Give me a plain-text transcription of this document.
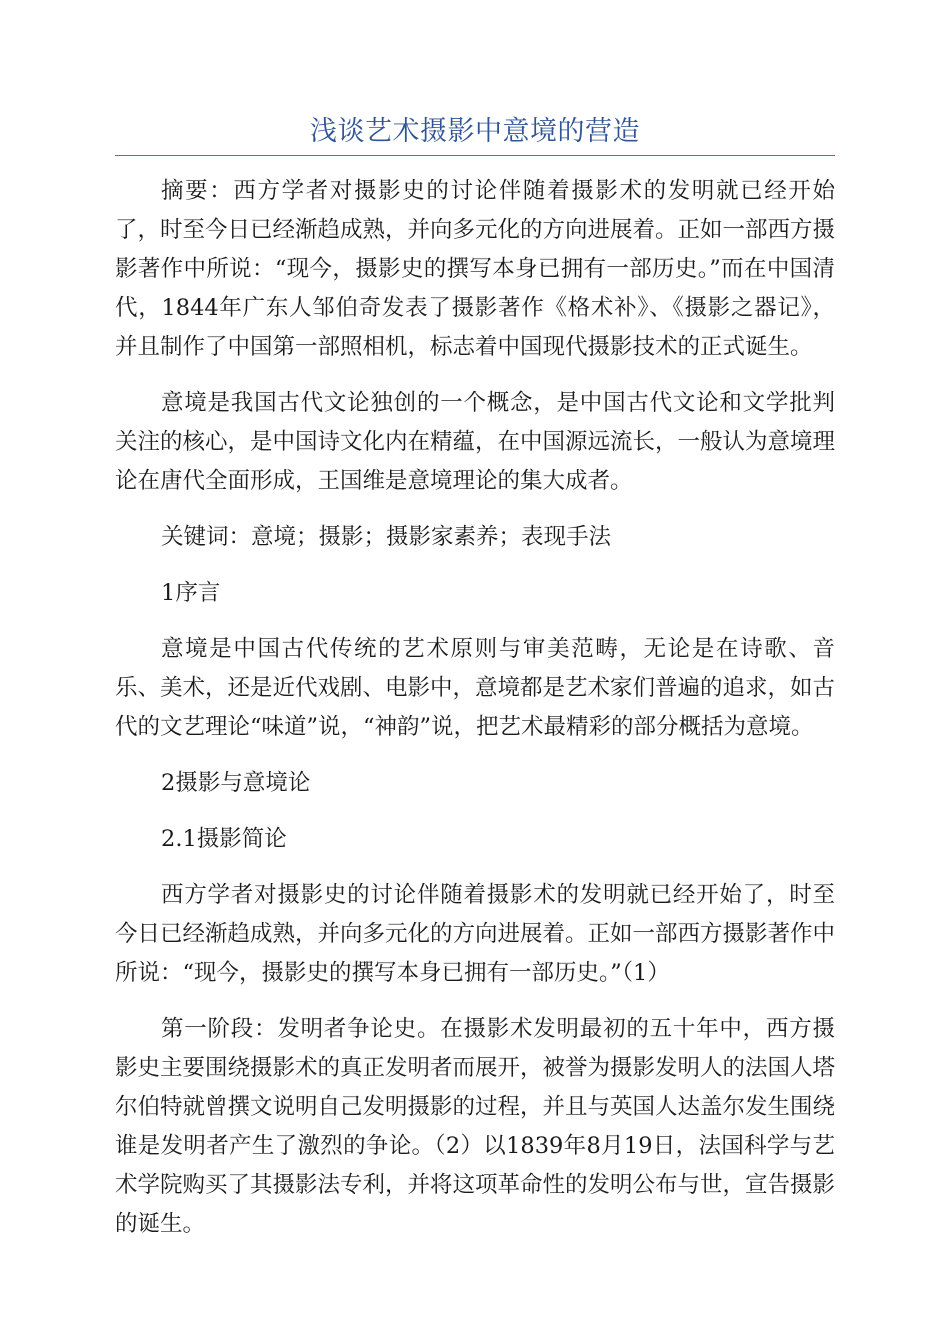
浅谈艺术摄影中意境的营造

摘要：西方学者对摄影史的讨论伴随着摄影术的发明就已经开始了，时至今日已经渐趋成熟，并向多元化的方向进展着。正如一部西方摄影著作中所说：“现今，摄影史的撰写本身已拥有一部历史。”而在中国清代，1844年广东人邹伯奇发表了摄影著作《格术补》、《摄影之器记》，并且制作了中国第一部照相机，标志着中国现代摄影技术的正式诞生。

意境是我国古代文论独创的一个概念，是中国古代文论和文学批判关注的核心，是中国诗文化内在精蕴，在中国源远流长，一般认为意境理论在唐代全面形成，王国维是意境理论的集大成者。

关键词：意境；摄影；摄影家素养；表现手法

1序言

意境是中国古代传统的艺术原则与审美范畴，无论是在诗歌、音乐、美术，还是近代戏剧、电影中，意境都是艺术家们普遍的追求，如古代的文艺理论“味道”说，“神韵”说，把艺术最精彩的部分概括为意境。

2摄影与意境论

2.1摄影简论

西方学者对摄影史的讨论伴随着摄影术的发明就已经开始了，时至今日已经渐趋成熟，并向多元化的方向进展着。正如一部西方摄影著作中所说：“现今，摄影史的撰写本身已拥有一部历史。”（1）

第一阶段：发明者争论史。在摄影术发明最初的五十年中，西方摄影史主要围绕摄影术的真正发明者而展开，被誉为摄影发明人的法国人塔尔伯特就曾撰文说明自己发明摄影的过程，并且与英国人达盖尔发生围绕谁是发明者产生了激烈的争论。（2）以1839年8月19日，法国科学与艺术学院购买了其摄影法专利，并将这项革命性的发明公布与世，宣告摄影的诞生。
